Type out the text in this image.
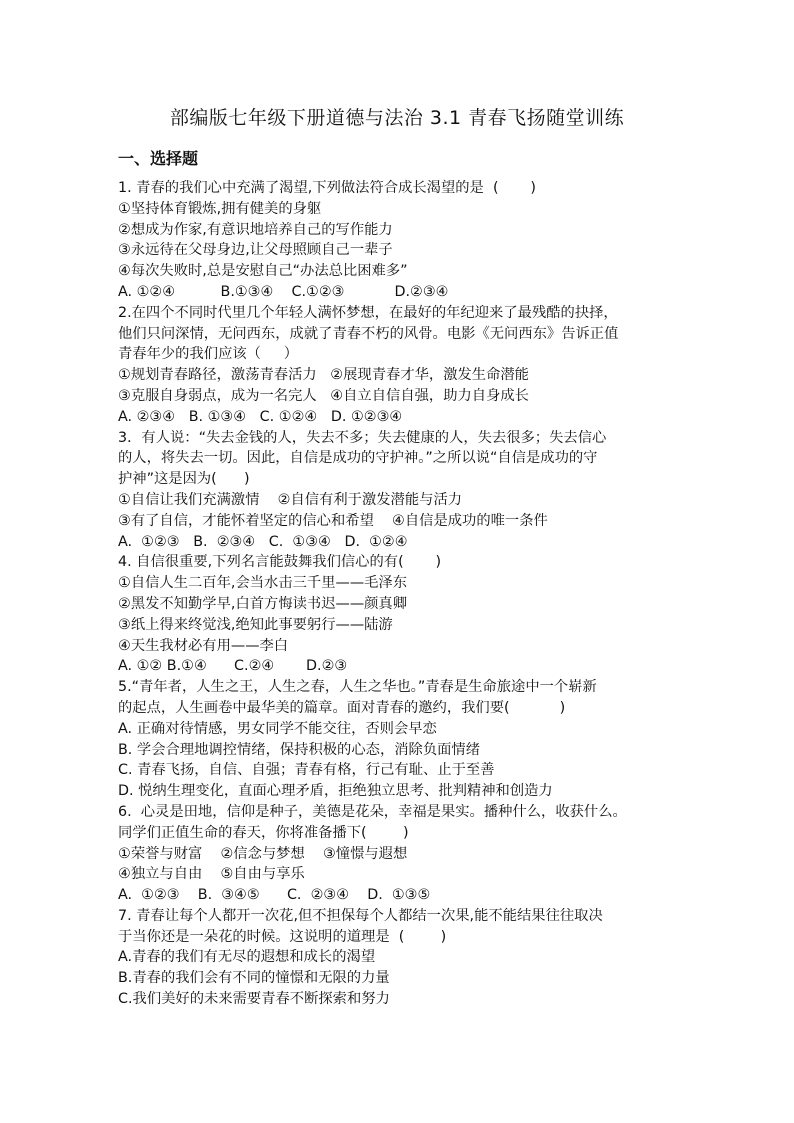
部编版七年级下册道德与法治 3.1 青春飞扬随堂训练
一、选择题
1. 青春的我们心中充满了渴望,下列做法符合成长渴望的是  (       )
①坚持体育锻炼,拥有健美的身躯
②想成为作家,有意识地培养自己的写作能力
③永远待在父母身边,让父母照顾自己一辈子
④每次失败时,总是安慰自己“办法总比困难多”
A. ①②④          B.①③④    C.①②③           D.②③④
2.在四个不同时代里几个年轻人满怀梦想，在最好的年纪迎来了最残酷的抉择，
他们只问深情，无问西东，成就了青春不朽的风骨。电影《无问西东》告诉正值
青春年少的我们应该（     ）
①规划青春路径，激荡青春活力   ②展现青春才华，激发生命潜能
③克服自身弱点，成为一名完人   ④自立自信自强，助力自身成长
A. ②③④   B. ①③④   C. ①②④   D. ①②③④
3．有人说：“失去金钱的人，失去不多；失去健康的人，失去很多；失去信心
的人，将失去一切。因此，自信是成功的守护神。”之所以说“自信是成功的守
护神”这是因为(      )
①自信让我们充满激情    ②自信有利于激发潜能与活力
③有了自信，才能怀着坚定的信心和希望    ④自信是成功的唯一条件
A.  ①②③   B.  ②③④   C.  ①③④   D.  ①②④
4. 自信很重要,下列名言能鼓舞我们信心的有(       )
①自信人生二百年,会当水击三千里——毛泽东
②黑发不知勤学早,白首方悔读书迟——颜真卿
③纸上得来终觉浅,绝知此事要躬行——陆游
④天生我材必有用——李白
A. ①② B.①④      C.②④       D.②③
5.“青年者，人生之王，人生之春，人生之华也。”青春是生命旅途中一个崭新
的起点，人生画卷中最华美的篇章。面对青春的邀约，我们要(           )
A. 正确对待情感，男女同学不能交往，否则会早恋
B. 学会合理地调控情绪，保持积极的心态，消除负面情绪
C. 青春飞扬，自信、自强；青春有格，行己有耻、止于至善
D. 悦纳生理变化，直面心理矛盾，拒绝独立思考、批判精神和创造力
6.  心灵是田地，信仰是种子，美德是花朵，幸福是果实。播种什么，收获什么。
同学们正值生命的春天，你将准备播下(        )
①荣誉与财富    ②信念与梦想    ③憧憬与遐想
④独立与自由    ⑤自由与享乐
A.  ①②③    B.  ③④⑤      C.  ②③④    D.  ①③⑤
7. 青春让每个人都开一次花,但不担保每个人都结一次果,能不能结果往往取决
于当你还是一朵花的时候。这说明的道理是  (        )
A.青春的我们有无尽的遐想和成长的渴望
B.青春的我们会有不同的憧憬和无限的力量
C.我们美好的未来需要青春不断探索和努力
